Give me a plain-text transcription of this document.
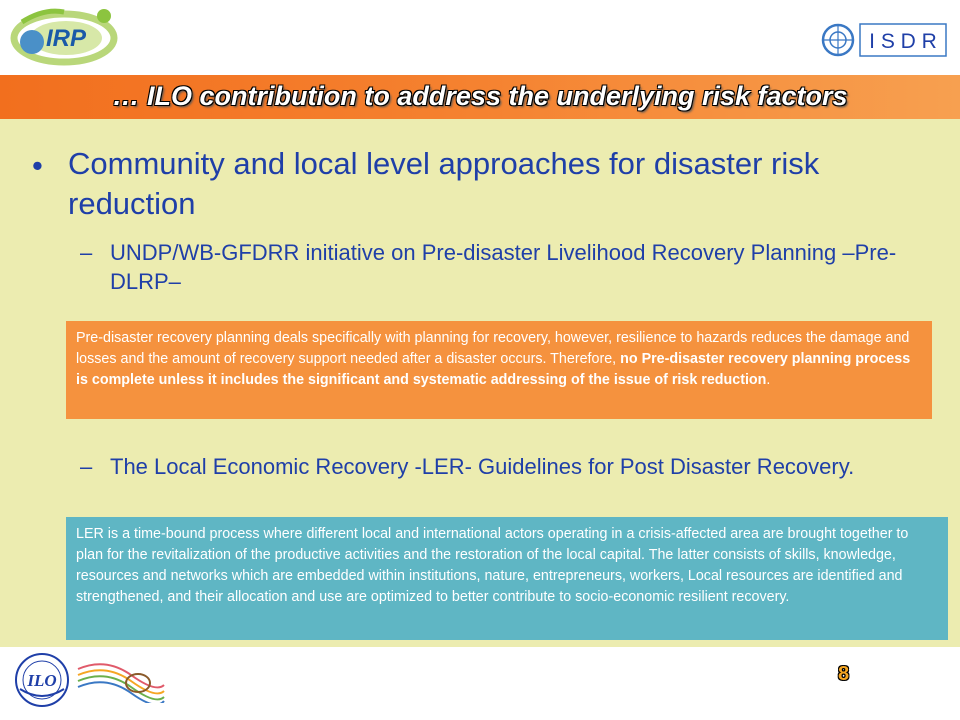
IRP	I S D R
… ILO contribution to address the underlying risk factors
• Community and local level approaches for disaster risk reduction
– UNDP/WB-GFDRR initiative on Pre-disaster Livelihood Recovery Planning –Pre-DLRP–
Pre-disaster recovery planning deals specifically with planning for recovery, however, resilience to hazards reduces the damage and losses and the amount of recovery support needed after a disaster occurs. Therefore, no Pre-disaster recovery planning process is complete unless it includes the significant and systematic addressing of the issue of risk reduction.
– The Local Economic Recovery -LER- Guidelines for Post Disaster Recovery.
LER is a time-bound process where different local and international actors operating in a crisis-affected area are brought together to plan for the revitalization of the productive activities and the restoration of the local capital. The latter consists of skills, knowledge, resources and networks which are embedded within institutions, nature, entrepreneurs, workers, Local resources are identified and strengthened, and their allocation and use are optimized to better contribute to socio-economic resilient recovery.
ILO	8
